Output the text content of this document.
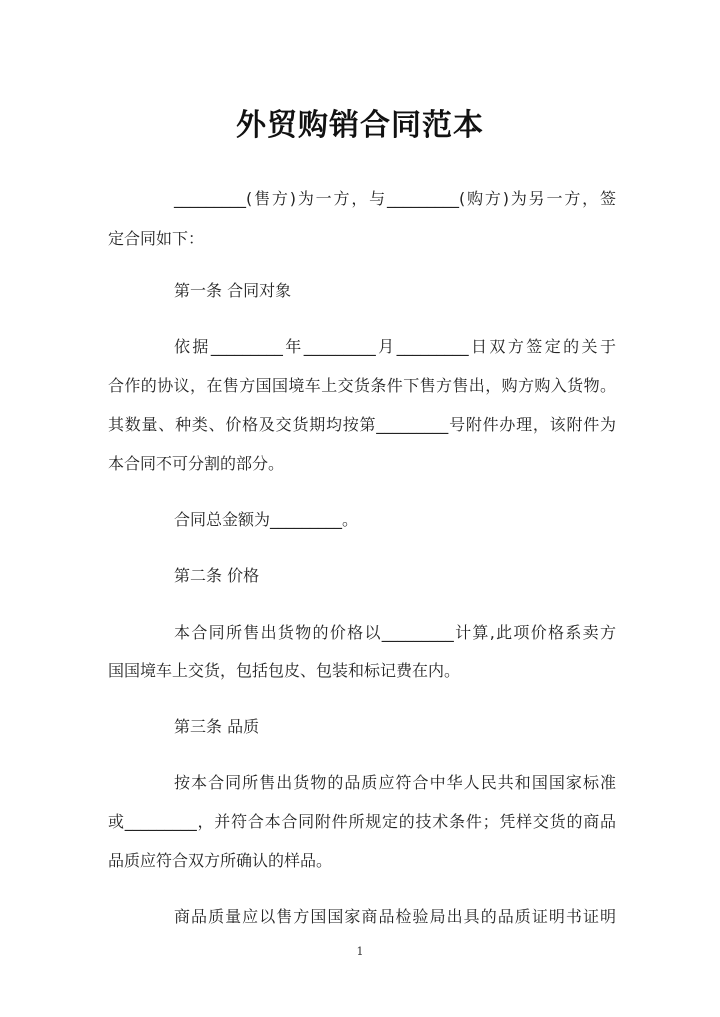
外贸购销合同范本
_________(售方)为一方，与_________(购方)为另一方，签
定合同如下：
第一条 合同对象
依据_________年_________月_________日双方签定的关于
合作的协议，在售方国国境车上交货条件下售方售出，购方购入货物。
其数量、种类、价格及交货期均按第_________号附件办理，该附件为
本合同不可分割的部分。
合同总金额为_________。
第二条 价格
本合同所售出货物的价格以_________计算,此项价格系卖方
国国境车上交货，包括包皮、包装和标记费在内。
第三条 品质
按本合同所售出货物的品质应符合中华人民共和国国家标准
或_________，并符合本合同附件所规定的技术条件；凭样交货的商品
品质应符合双方所确认的样品。
商品质量应以售方国国家商品检验局出具的品质证明书证明
1
